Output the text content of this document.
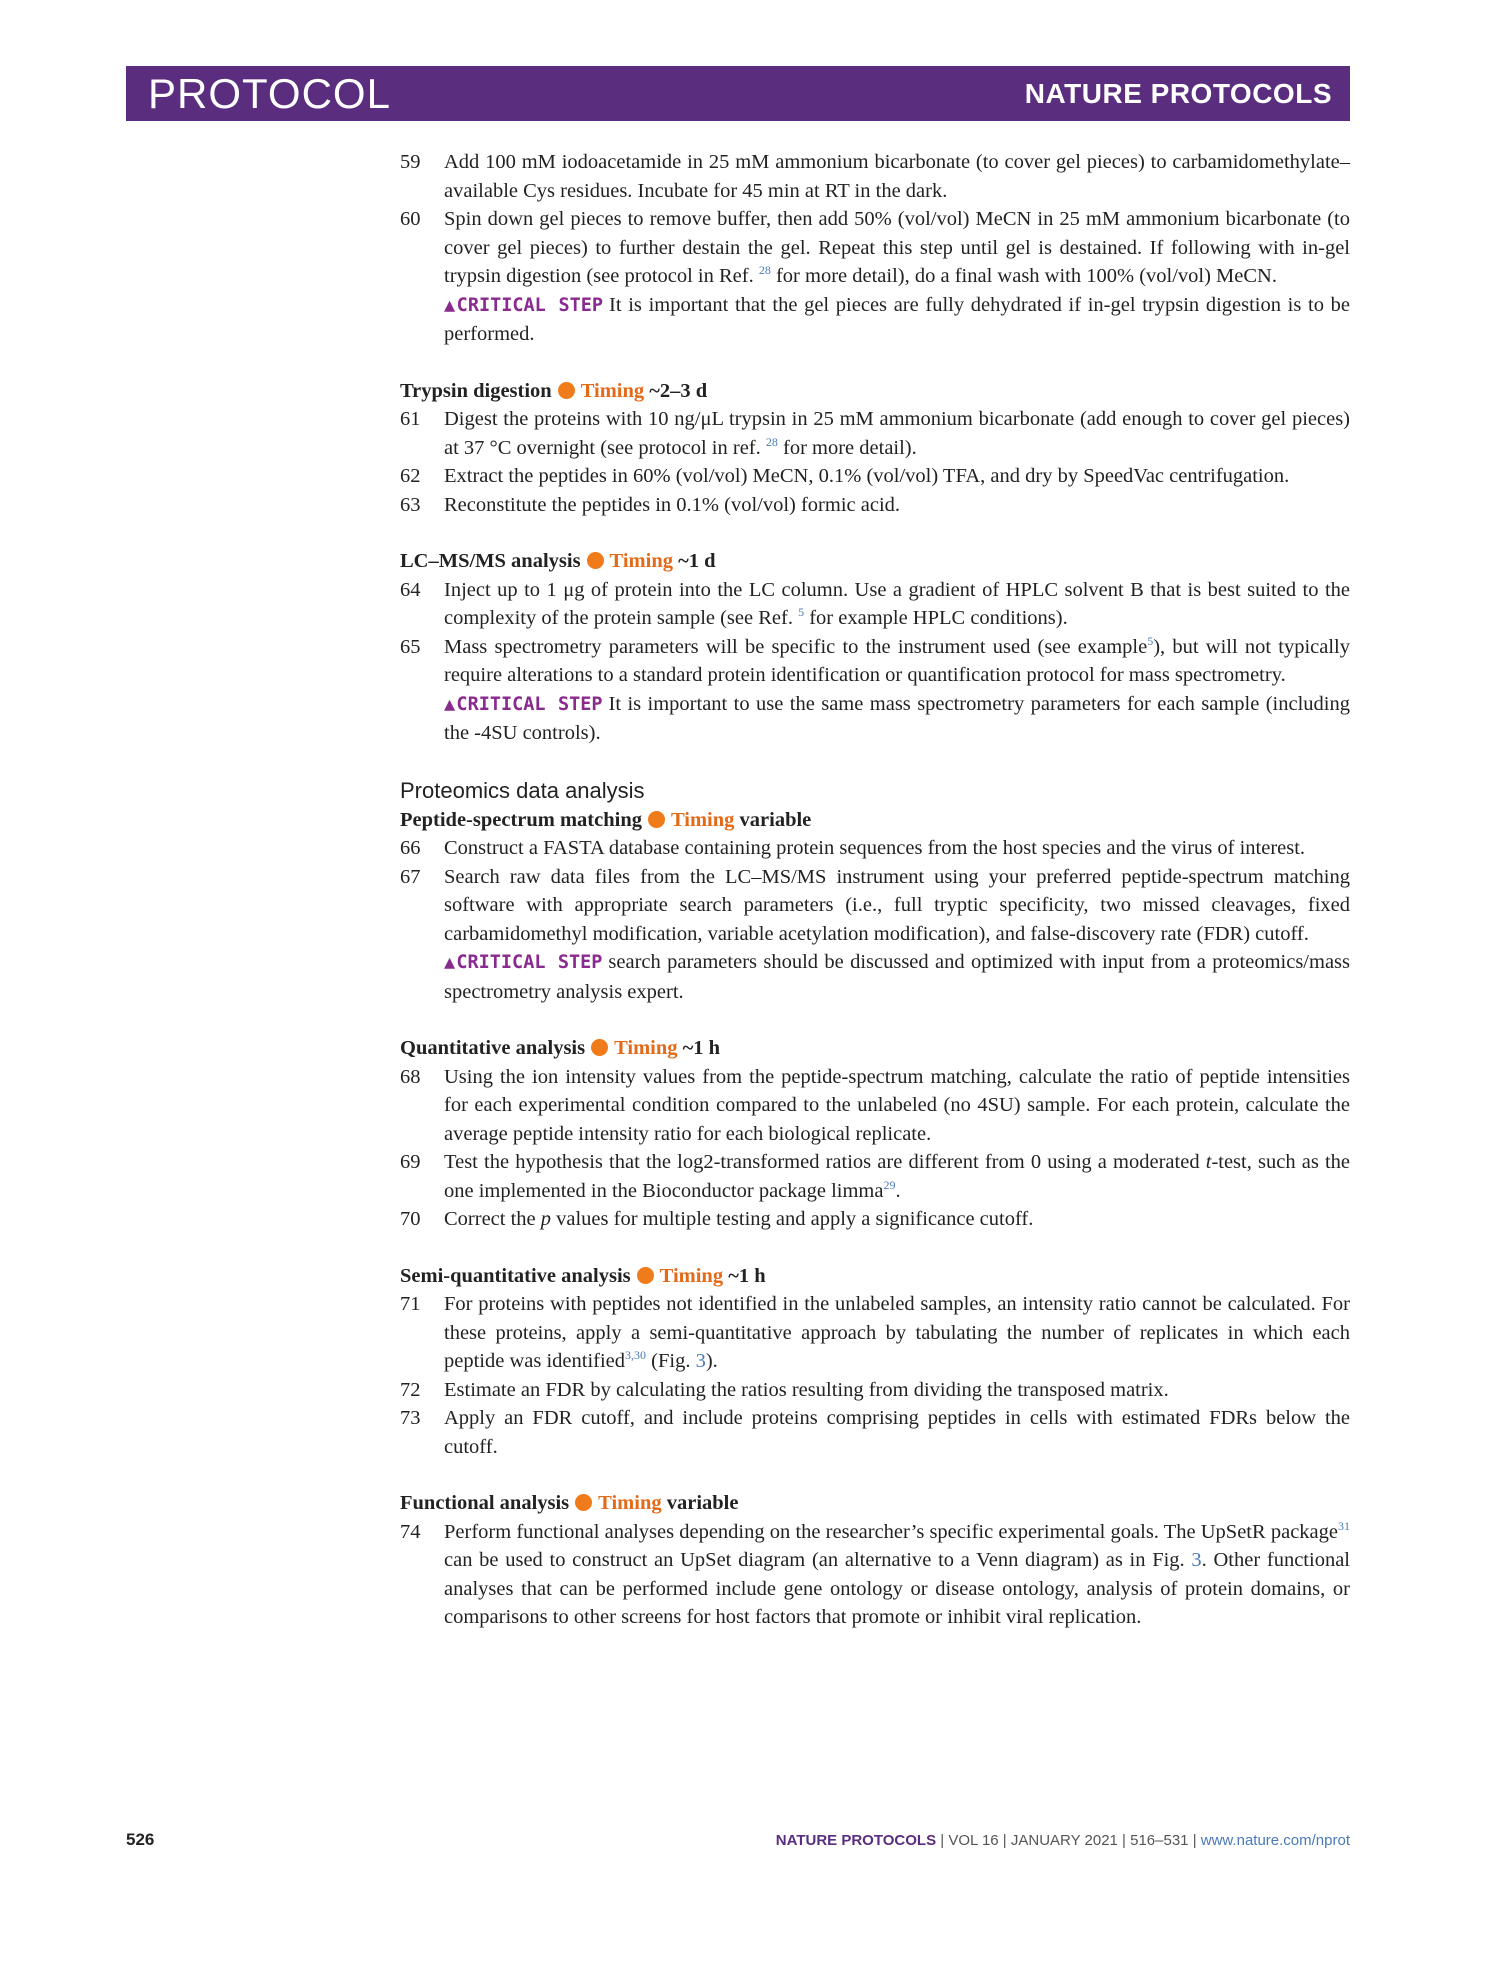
PROTOCOL	NATURE PROTOCOLS
59	Add 100 mM iodoacetamide in 25 mM ammonium bicarbonate (to cover gel pieces) to carbamidomethylate–available Cys residues. Incubate for 45 min at RT in the dark.
60	Spin down gel pieces to remove buffer, then add 50% (vol/vol) MeCN in 25 mM ammonium bicarbonate (to cover gel pieces) to further destain the gel. Repeat this step until gel is destained. If following with in-gel trypsin digestion (see protocol in Ref. $^{28}$ for more detail), do a final wash with 100% (vol/vol) MeCN.
▲CRITICAL STEP It is important that the gel pieces are fully dehydrated if in-gel trypsin digestion is to be performed.
Trypsin digestion Timing ~2–3 d
61	Digest the proteins with 10 ng/μL trypsin in 25 mM ammonium bicarbonate (add enough to cover gel pieces) at 37 °C overnight (see protocol in ref. $^{28}$ for more detail).
62	Extract the peptides in 60% (vol/vol) MeCN, 0.1% (vol/vol) TFA, and dry by SpeedVac centrifugation.
63	Reconstitute the peptides in 0.1% (vol/vol) formic acid.
LC–MS/MS analysis Timing ~1 d
64	Inject up to 1 μg of protein into the LC column. Use a gradient of HPLC solvent B that is best suited to the complexity of the protein sample (see Ref. $^5$ for example HPLC conditions).
65	Mass spectrometry parameters will be specific to the instrument used (see example$^5$), but will not typically require alterations to a standard protein identification or quantification protocol for mass spectrometry.
▲CRITICAL STEP It is important to use the same mass spectrometry parameters for each sample (including the -4SU controls).
Proteomics data analysis
Peptide-spectrum matching Timing variable
66	Construct a FASTA database containing protein sequences from the host species and the virus of interest.
67	Search raw data files from the LC–MS/MS instrument using your preferred peptide-spectrum matching software with appropriate search parameters (i.e., full tryptic specificity, two missed cleavages, fixed carbamidomethyl modification, variable acetylation modification), and false-discovery rate (FDR) cutoff.
▲CRITICAL STEP search parameters should be discussed and optimized with input from a proteomics/mass spectrometry analysis expert.
Quantitative analysis Timing ~1 h
68	Using the ion intensity values from the peptide-spectrum matching, calculate the ratio of peptide intensities for each experimental condition compared to the unlabeled (no 4SU) sample. For each protein, calculate the average peptide intensity ratio for each biological replicate.
69	Test the hypothesis that the log2-transformed ratios are different from 0 using a moderated t-test, such as the one implemented in the Bioconductor package limma$^{29}$.
70	Correct the p values for multiple testing and apply a significance cutoff.
Semi-quantitative analysis Timing ~1 h
71	For proteins with peptides not identified in the unlabeled samples, an intensity ratio cannot be calculated. For these proteins, apply a semi-quantitative approach by tabulating the number of replicates in which each peptide was identified$^{3,30}$ (Fig. 3).
72	Estimate an FDR by calculating the ratios resulting from dividing the transposed matrix.
73	Apply an FDR cutoff, and include proteins comprising peptides in cells with estimated FDRs below the cutoff.
Functional analysis Timing variable
74	Perform functional analyses depending on the researcher’s specific experimental goals. The UpSetR package$^{31}$ can be used to construct an UpSet diagram (an alternative to a Venn diagram) as in Fig. 3. Other functional analyses that can be performed include gene ontology or disease ontology, analysis of protein domains, or comparisons to other screens for host factors that promote or inhibit viral replication.
526	NATURE PROTOCOLS | VOL 16 | JANUARY 2021 | 516–531 | www.nature.com/nprot
